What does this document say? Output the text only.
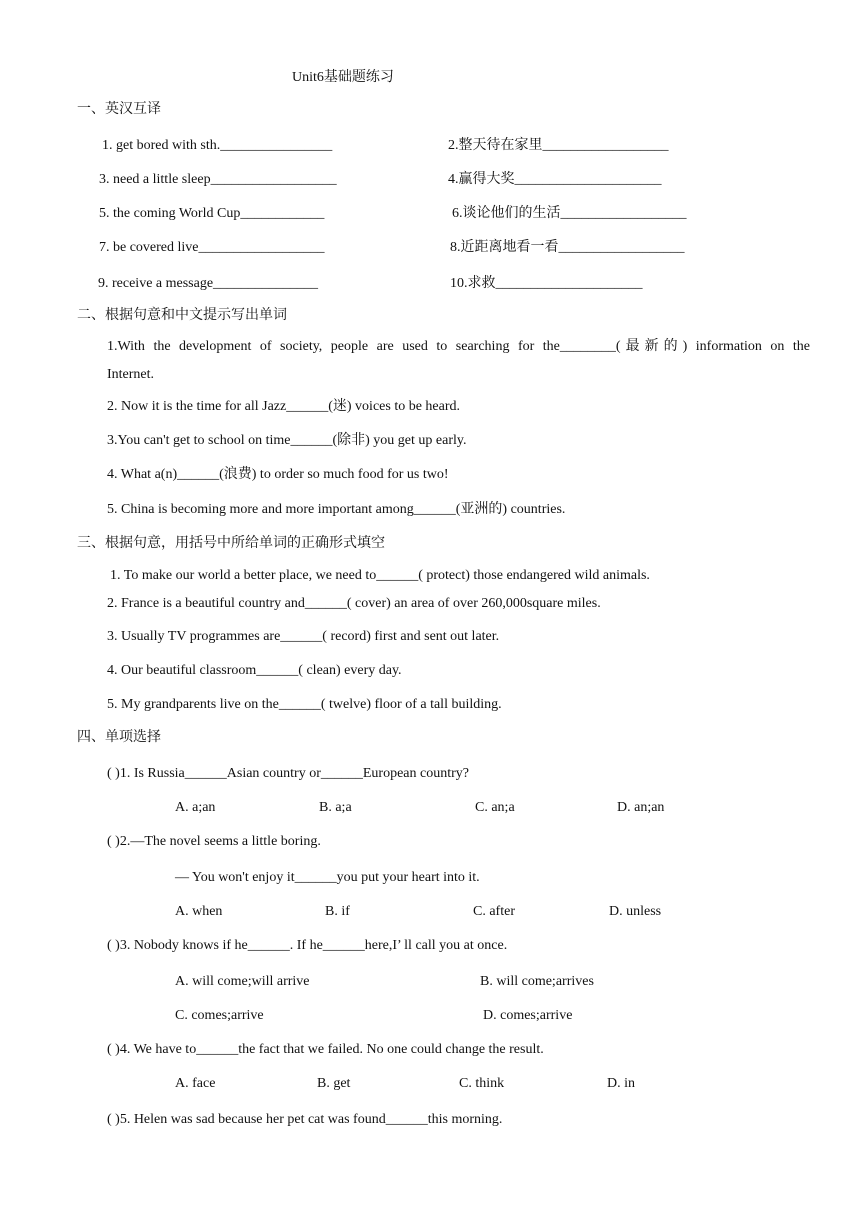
Unit6基础题练习
一、英汉互译
1. get bored with sth.________________	2.整天待在家里__________________
3. need a little sleep__________________	4.赢得大奖_____________________
5. the coming World Cup____________	6.谈论他们的生活__________________
7. be covered live__________________	8.近距离地看一看__________________
9. receive a message_______________	10.求救_____________________
二、根据句意和中文提示写出单词
1.With the development of society, people are used to searching for the________(最新的) information on the
Internet.
2. Now it is the time for all Jazz______(迷) voices to be heard.
3.You can't get to school on time______(除非) you get up early.
4. What a(n)______(浪费) to order so much food for us two!
5. China is becoming more and more important among______(亚洲的) countries.
三、根据句意，用括号中所给单词的正确形式填空
1. To make our world a better place, we need to______( protect) those endangered wild animals.
2. France is a beautiful country and______( cover) an area of over 260,000square miles.
3. Usually TV programmes are______( record) first and sent out later.
4. Our beautiful classroom______( clean) every day.
5. My grandparents live on the______( twelve) floor of a tall building.
四、单项选择
( )1. Is Russia______Asian country or______European country?
A. a;an	B. a;a	C. an;a	D. an;an
( )2.—The novel seems a little boring.
— You won't enjoy it______you put your heart into it.
A. when	B. if	C. after	D. unless
( )3. Nobody knows if he______. If he______here,I’ ll call you at once.
A. will come;will arrive	B. will come;arrives
C. comes;arrive	D. comes;arrive
( )4. We have to______the fact that we failed. No one could change the result.
A. face	B. get	C. think	D. in
( )5. Helen was sad because her pet cat was found______this morning.
